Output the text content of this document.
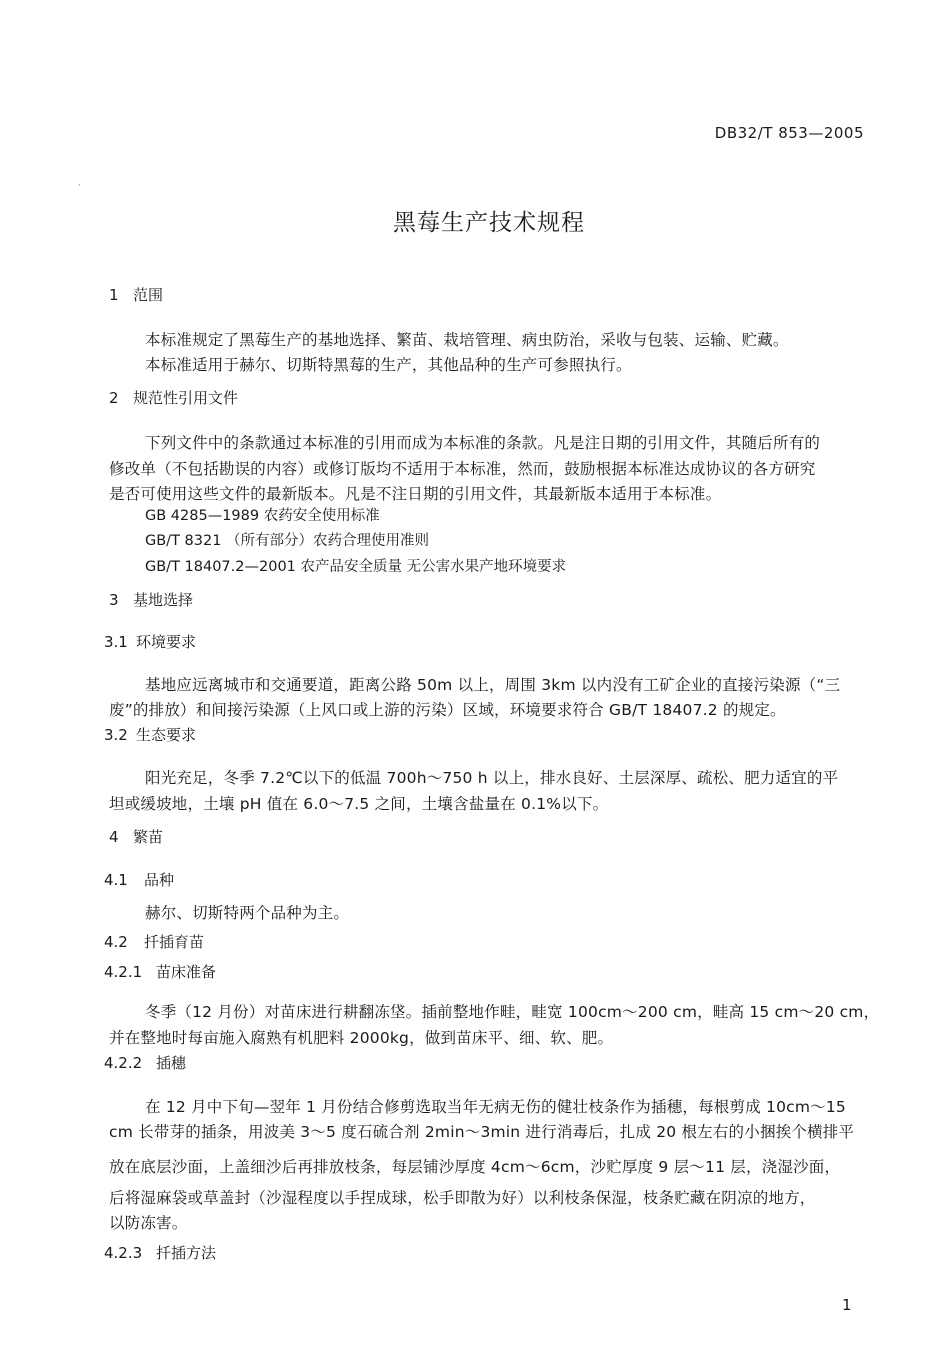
DB32/T 853—2005
,
黑莓生产技术规程
1 范围
本标准规定了黑莓生产的基地选择、繁苗、栽培管理、病虫防治，采收与包装、运输、贮藏。
本标准适用于赫尔、切斯特黑莓的生产，其他品种的生产可参照执行。
2 规范性引用文件
下列文件中的条款通过本标准的引用而成为本标准的条款。凡是注日期的引用文件，其随后所有的
修改单（不包括勘误的内容）或修订版均不适用于本标准，然而，鼓励根据本标准达成协议的各方研究
是否可使用这些文件的最新版本。凡是不注日期的引用文件，其最新版本适用于本标准。
GB 4285—1989 农药安全使用标准
GB/T 8321 （所有部分）农药合理使用准则
GB/T 18407.2—2001 农产品安全质量 无公害水果产地环境要求
3 基地选择
3.1 环境要求
基地应远离城市和交通要道，距离公路 50m 以上，周围 3km 以内没有工矿企业的直接污染源（“三
废”的排放）和间接污染源（上风口或上游的污染）区域，环境要求符合 GB/T 18407.2 的规定。
3.2 生态要求
阳光充足，冬季 7.2℃以下的低温 700h～750 h 以上，排水良好、土层深厚、疏松、肥力适宜的平
坦或缓坡地，土壤 pH 值在 6.0～7.5 之间，土壤含盐量在 0.1%以下。
4 繁苗
4.1 品种
赫尔、切斯特两个品种为主。
4.2 扦插育苗
4.2.1 苗床准备
冬季（12 月份）对苗床进行耕翻冻垡。插前整地作畦，畦宽 100cm～200 cm，畦高 15 cm～20 cm，
并在整地时每亩施入腐熟有机肥料 2000kg，做到苗床平、细、软、肥。
4.2.2 插穗
在 12 月中下旬—翌年 1 月份结合修剪选取当年无病无伤的健壮枝条作为插穗，每根剪成 10cm～15
cm 长带芽的插条，用波美 3～5 度石硫合剂 2min～3min 进行消毒后，扎成 20 根左右的小捆挨个横排平
放在底层沙面，上盖细沙后再排放枝条，每层铺沙厚度 4cm～6cm，沙贮厚度 9 层～11 层，浇湿沙面，
后将湿麻袋或草盖封（沙湿程度以手捏成球，松手即散为好）以利枝条保湿，枝条贮藏在阴凉的地方，
以防冻害。
4.2.3 扦插方法
1
